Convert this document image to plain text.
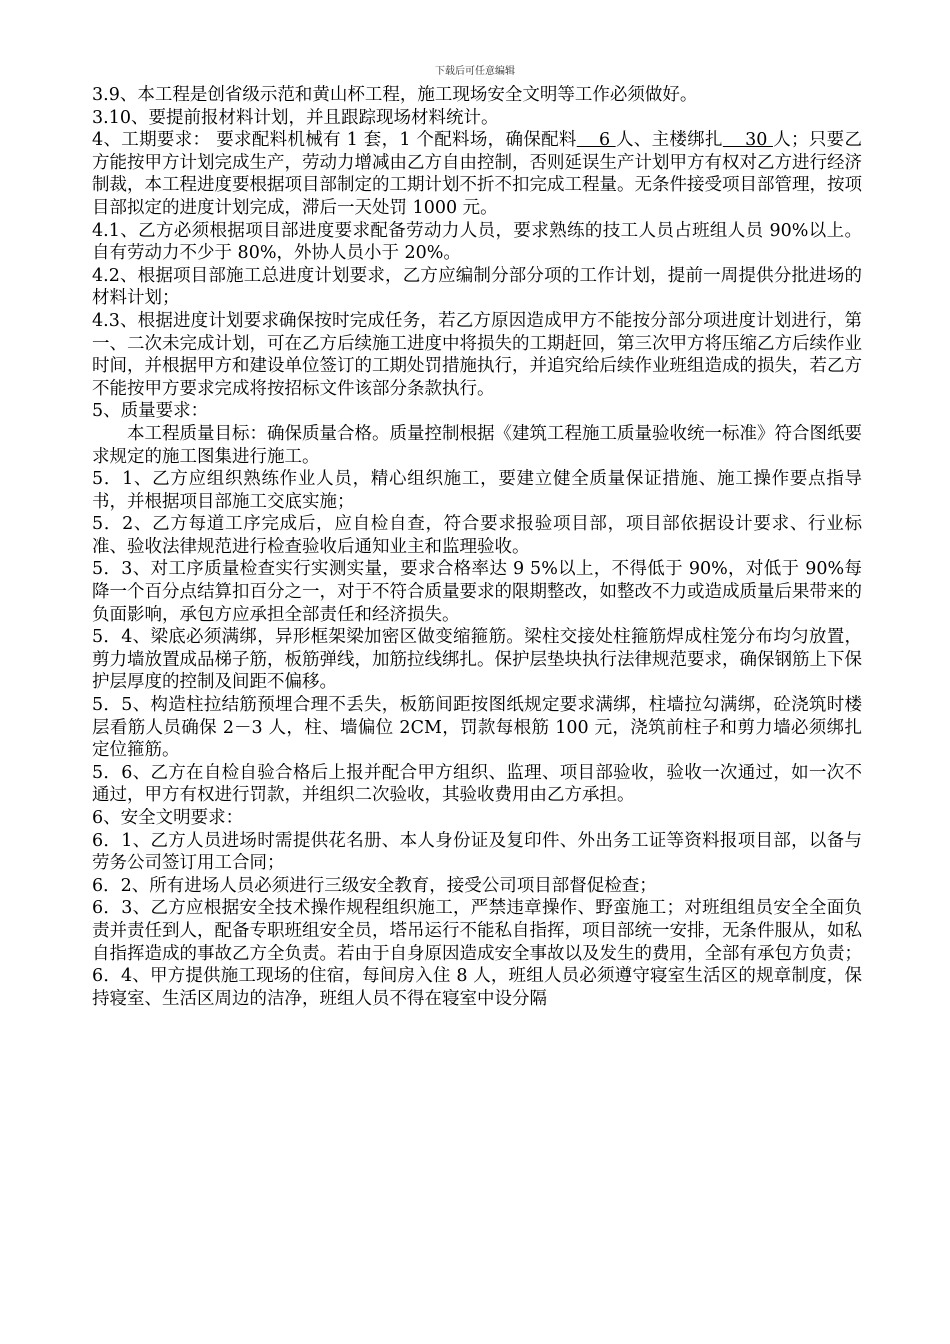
下载后可任意编辑

3.9、本工程是创省级示范和黄山杯工程，施工现场安全文明等工作必须做好。

3.10、要提前报材料计划，并且跟踪现场材料统计。

4、工期要求： 要求配料机械有 1 套，1 个配料场，确保配料    6 人、主楼绑扎    30 人；只要乙方能按甲方计划完成生产，劳动力增减由乙方自由控制，否则延误生产计划甲方有权对乙方进行经济制裁，本工程进度要根据项目部制定的工期计划不折不扣完成工程量。无条件接受项目部管理，按项目部拟定的进度计划完成，滞后一天处罚 1000 元。

4.1、乙方必须根据项目部进度要求配备劳动力人员，要求熟练的技工人员占班组人员 90%以上。自有劳动力不少于 80%，外协人员小于 20%。

4.2、根据项目部施工总进度计划要求，乙方应编制分部分项的工作计划，提前一周提供分批进场的材料计划；

4.3、根据进度计划要求确保按时完成任务，若乙方原因造成甲方不能按分部分项进度计划进行，第一、二次未完成计划，可在乙方后续施工进度中将损失的工期赶回，第三次甲方将压缩乙方后续作业时间，并根据甲方和建设单位签订的工期处罚措施执行，并追究给后续作业班组造成的损失，若乙方不能按甲方要求完成将按招标文件该部分条款执行。

5、质量要求：

本工程质量目标：确保质量合格。质量控制根据《建筑工程施工质量验收统一标准》符合图纸要求规定的施工图集进行施工。

5．1、乙方应组织熟练作业人员，精心组织施工，要建立健全质量保证措施、施工操作要点指导书，并根据项目部施工交底实施；

5．2、乙方每道工序完成后，应自检自查，符合要求报验项目部，项目部依据设计要求、行业标准、验收法律规范进行检查验收后通知业主和监理验收。

5．3、对工序质量检查实行实测实量，要求合格率达 9 5%以上，不得低于 90%，对低于 90%每降一个百分点结算扣百分之一，对于不符合质量要求的限期整改，如整改不力或造成质量后果带来的负面影响，承包方应承担全部责任和经济损失。

5．4、梁底必须满绑，异形框架梁加密区做变缩箍筋。梁柱交接处柱箍筋焊成柱笼分布均匀放置，剪力墙放置成品梯子筋，板筋弹线，加筋拉线绑扎。保护层垫块执行法律规范要求，确保钢筋上下保护层厚度的控制及间距不偏移。

5．5、构造柱拉结筋预埋合理不丢失，板筋间距按图纸规定要求满绑，柱墙拉勾满绑，砼浇筑时楼层看筋人员确保 2－3 人，柱、墙偏位 2CM，罚款每根筋 100 元，浇筑前柱子和剪力墙必须绑扎定位箍筋。

5．6、乙方在自检自验合格后上报并配合甲方组织、监理、项目部验收，验收一次通过，如一次不通过，甲方有权进行罚款，并组织二次验收，其验收费用由乙方承担。

6、安全文明要求：

6．1、乙方人员进场时需提供花名册、本人身份证及复印件、外出务工证等资料报项目部，以备与劳务公司签订用工合同；

6．2、所有进场人员必须进行三级安全教育，接受公司项目部督促检查；

6．3、乙方应根据安全技术操作规程组织施工，严禁违章操作、野蛮施工；对班组组员安全全面负责并责任到人，配备专职班组安全员，塔吊运行不能私自指挥，项目部统一安排，无条件服从，如私自指挥造成的事故乙方全负责。若由于自身原因造成安全事故以及发生的费用，全部有承包方负责；

6．4、甲方提供施工现场的住宿，每间房入住 8 人，班组人员必须遵守寝室生活区的规章制度，保持寝室、生活区周边的洁净，班组人员不得在寝室中设分隔
